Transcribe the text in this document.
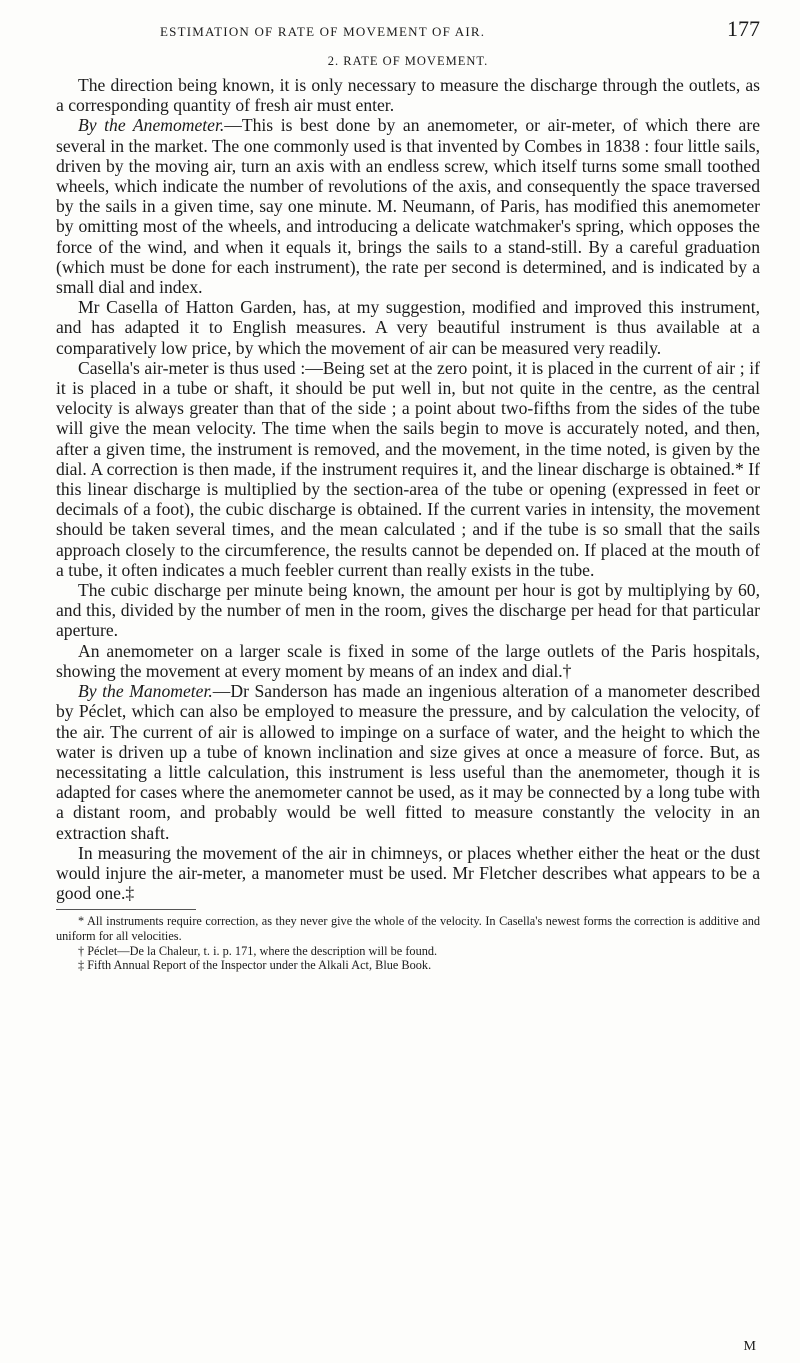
ESTIMATION OF RATE OF MOVEMENT OF AIR.	177
2. RATE OF MOVEMENT.

The direction being known, it is only necessary to measure the discharge through the outlets, as a corresponding quantity of fresh air must enter.

By the Anemometer.—This is best done by an anemometer, or air-meter, of which there are several in the market. The one commonly used is that invented by Combes in 1838 : four little sails, driven by the moving air, turn an axis with an endless screw, which itself turns some small toothed wheels, which indicate the number of revolutions of the axis, and consequently the space traversed by the sails in a given time, say one minute. M. Neumann, of Paris, has modified this anemometer by omitting most of the wheels, and introducing a delicate watchmaker's spring, which opposes the force of the wind, and when it equals it, brings the sails to a stand-still. By a careful graduation (which must be done for each instrument), the rate per second is determined, and is indicated by a small dial and index.

Mr Casella of Hatton Garden, has, at my suggestion, modified and improved this instrument, and has adapted it to English measures. A very beautiful instrument is thus available at a comparatively low price, by which the movement of air can be measured very readily.

Casella's air-meter is thus used :—Being set at the zero point, it is placed in the current of air ; if it is placed in a tube or shaft, it should be put well in, but not quite in the centre, as the central velocity is always greater than that of the side ; a point about two-fifths from the sides of the tube will give the mean velocity. The time when the sails begin to move is accurately noted, and then, after a given time, the instrument is removed, and the movement, in the time noted, is given by the dial. A correction is then made, if the instrument requires it, and the linear discharge is obtained.* If this linear discharge is multiplied by the section-area of the tube or opening (expressed in feet or decimals of a foot), the cubic discharge is obtained. If the current varies in intensity, the movement should be taken several times, and the mean calculated ; and if the tube is so small that the sails approach closely to the circumference, the results cannot be depended on. If placed at the mouth of a tube, it often indicates a much feebler current than really exists in the tube.

The cubic discharge per minute being known, the amount per hour is got by multiplying by 60, and this, divided by the number of men in the room, gives the discharge per head for that particular aperture.

An anemometer on a larger scale is fixed in some of the large outlets of the Paris hospitals, showing the movement at every moment by means of an index and dial.†

By the Manometer.—Dr Sanderson has made an ingenious alteration of a manometer described by Péclet, which can also be employed to measure the pressure, and by calculation the velocity, of the air. The current of air is allowed to impinge on a surface of water, and the height to which the water is driven up a tube of known inclination and size gives at once a measure of force. But, as necessitating a little calculation, this instrument is less useful than the anemometer, though it is adapted for cases where the anemometer cannot be used, as it may be connected by a long tube with a distant room, and probably would be well fitted to measure constantly the velocity in an extraction shaft.

In measuring the movement of the air in chimneys, or places whether either the heat or the dust would injure the air-meter, a manometer must be used. Mr Fletcher describes what appears to be a good one.‡

* All instruments require correction, as they never give the whole of the velocity. In Casella's newest forms the correction is additive and uniform for all velocities.

† Péclet—De la Chaleur, t. i. p. 171, where the description will be found.

‡ Fifth Annual Report of the Inspector under the Alkali Act, Blue Book.

M
